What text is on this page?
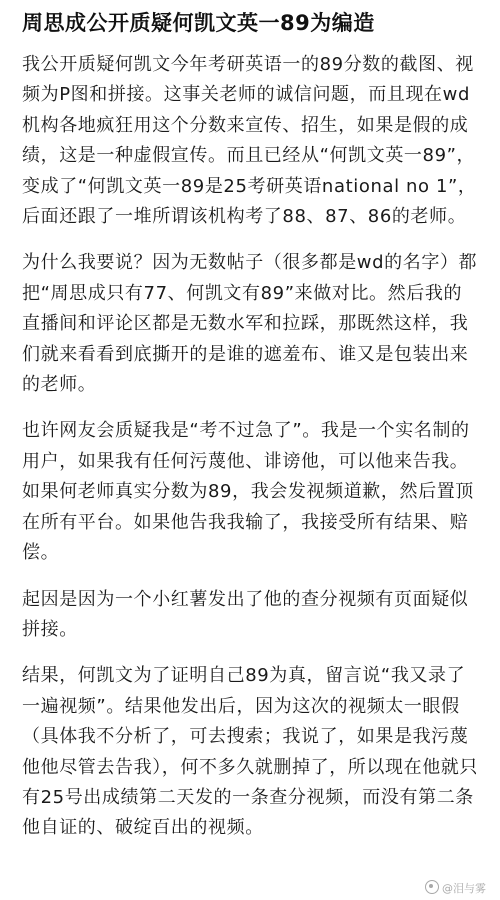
周思成公开质疑何凯文英一89为编造

我公开质疑何凯文今年考研英语一的89分数的截图、视频为P图和拼接。这事关老师的诚信问题，而且现在wd机构各地疯狂用这个分数来宣传、招生，如果是假的成绩，这是一种虚假宣传。而且已经从“何凯文英一89”，变成了“何凯文英一89是25考研英语national no 1”，后面还跟了一堆所谓该机构考了88、87、86的老师。

为什么我要说？因为无数帖子（很多都是wd的名字）都把“周思成只有77、何凯文有89”来做对比。然后我的直播间和评论区都是无数水军和拉踩，那既然这样，我们就来看看到底撕开的是谁的遮羞布、谁又是包装出来的老师。

也许网友会质疑我是“考不过急了”。我是一个实名制的用户，如果我有任何污蔑他、诽谤他，可以他来告我。如果何老师真实分数为89，我会发视频道歉，然后置顶在所有平台。如果他告我我输了，我接受所有结果、赔偿。

起因是因为一个小红薯发出了他的查分视频有页面疑似拼接。

结果，何凯文为了证明自己89为真，留言说“我又录了一遍视频”。结果他发出后，因为这次的视频太一眼假（具体我不分析了，可去搜索；我说了，如果是我污蔑他他尽管去告我），何不多久就删掉了，所以现在他就只有25号出成绩第二天发的一条查分视频，而没有第二条他自证的、破绽百出的视频。

@泪与雾
